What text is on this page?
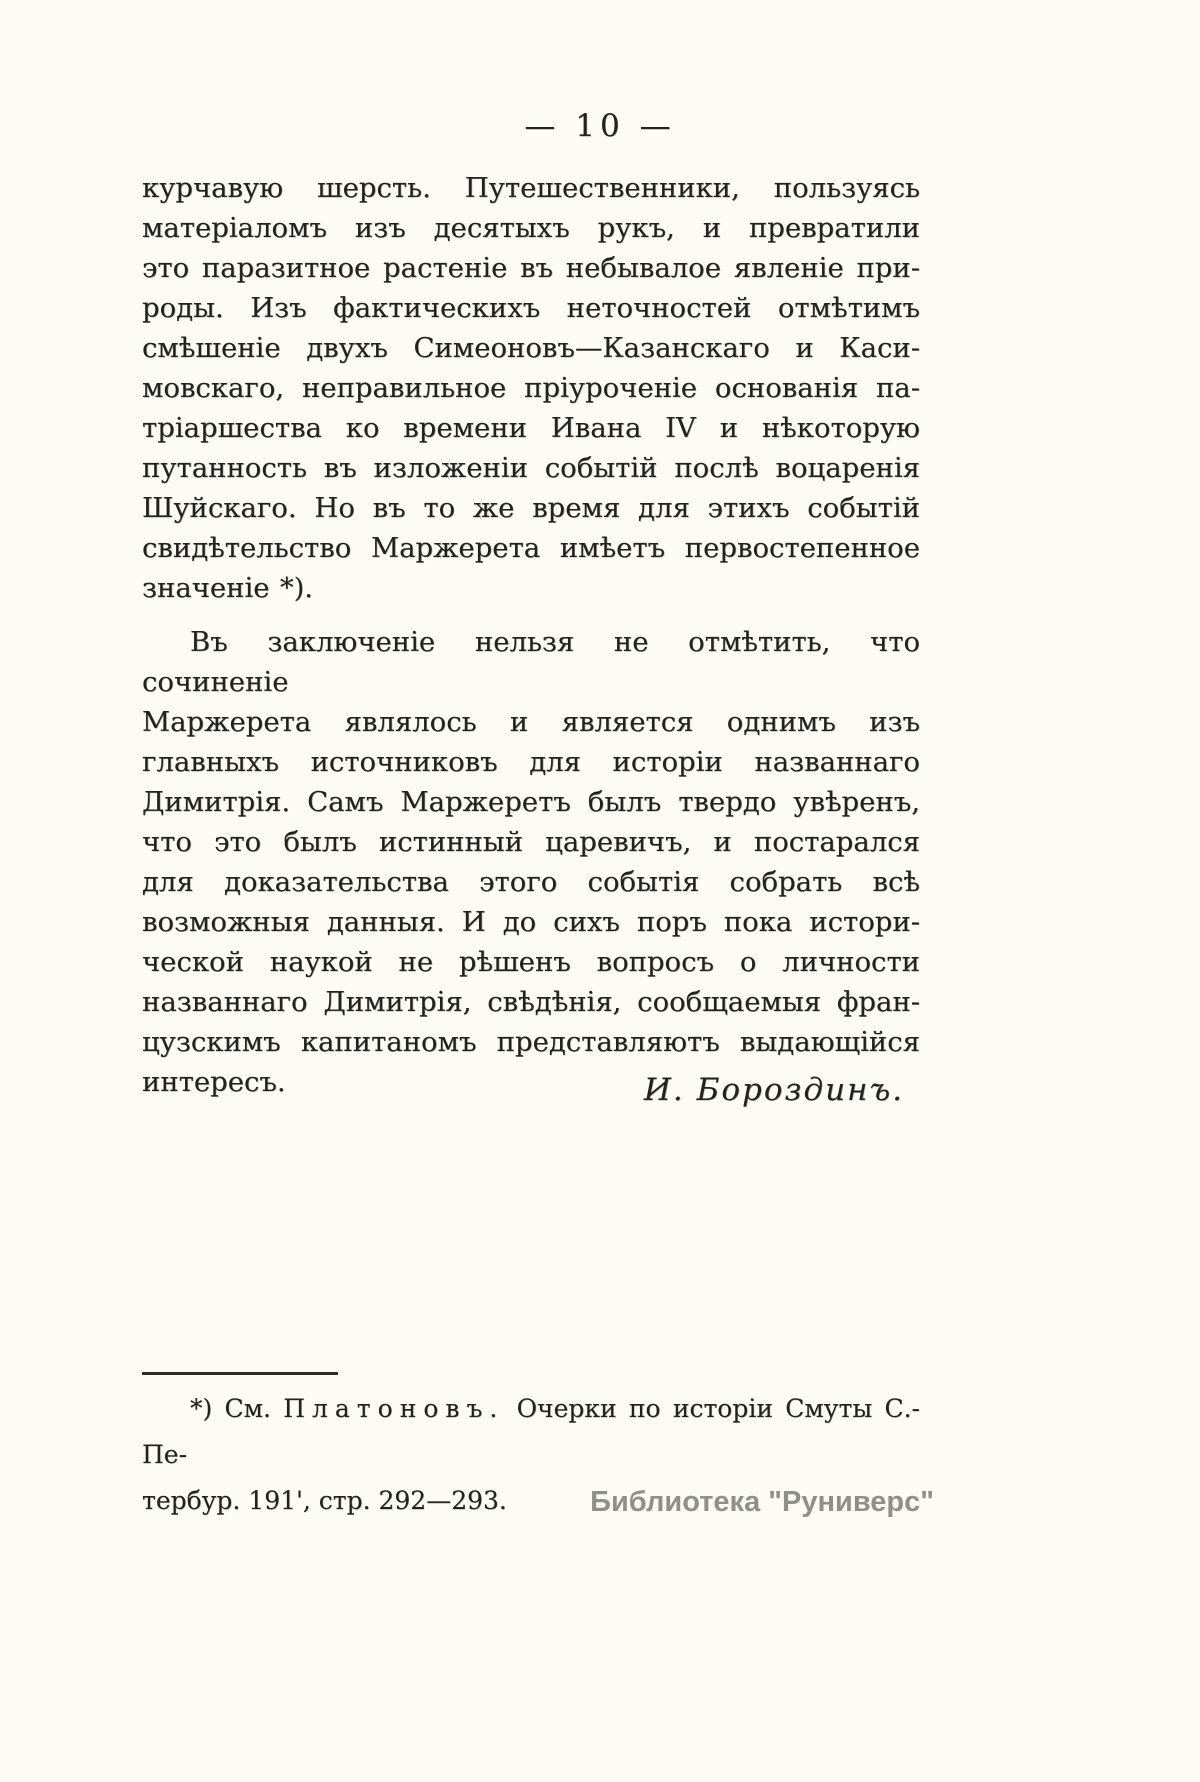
— 10 —
курчавую шерсть. Путешественники, пользуясь
матеріаломъ изъ десятыхъ рукъ, и превратили
это паразитное растеніе въ небывалое явленіе при-
роды. Изъ фактическихъ неточностей отмѣтимъ
смѣшеніе двухъ Симеоновъ—Казанскаго и Каси-
мовскаго, неправильное пріуроченіе основанія па-
тріаршества ко времени Ивана IV и нѣкоторую
путанность въ изложеніи событій послѣ воцаренія
Шуйскаго. Но въ то же время для этихъ событій
свидѣтельство Маржерета имѣетъ первостепенное
значеніе *).
Въ заключеніе нельзя не отмѣтить, что сочиненіе
Маржерета являлось и является однимъ изъ
главныхъ источниковъ для исторіи названнаго
Димитрія. Самъ Маржеретъ былъ твердо увѣренъ,
что это былъ истинный царевичъ, и постарался
для доказательства этого событія собрать всѣ
возможныя данныя. И до сихъ поръ пока истори-
ческой наукой не рѣшенъ вопросъ о личности
названнаго Димитрія, свѣдѣнія, сообщаемыя фран-
цузскимъ капитаномъ представляютъ выдающійся
интересъ.	И. Бороздинъ.
*) См. Платоновъ. Очерки по исторіи Смуты С.-Пе-
тербур. 191', стр. 292—293.	Библиотека "Руниверс"
